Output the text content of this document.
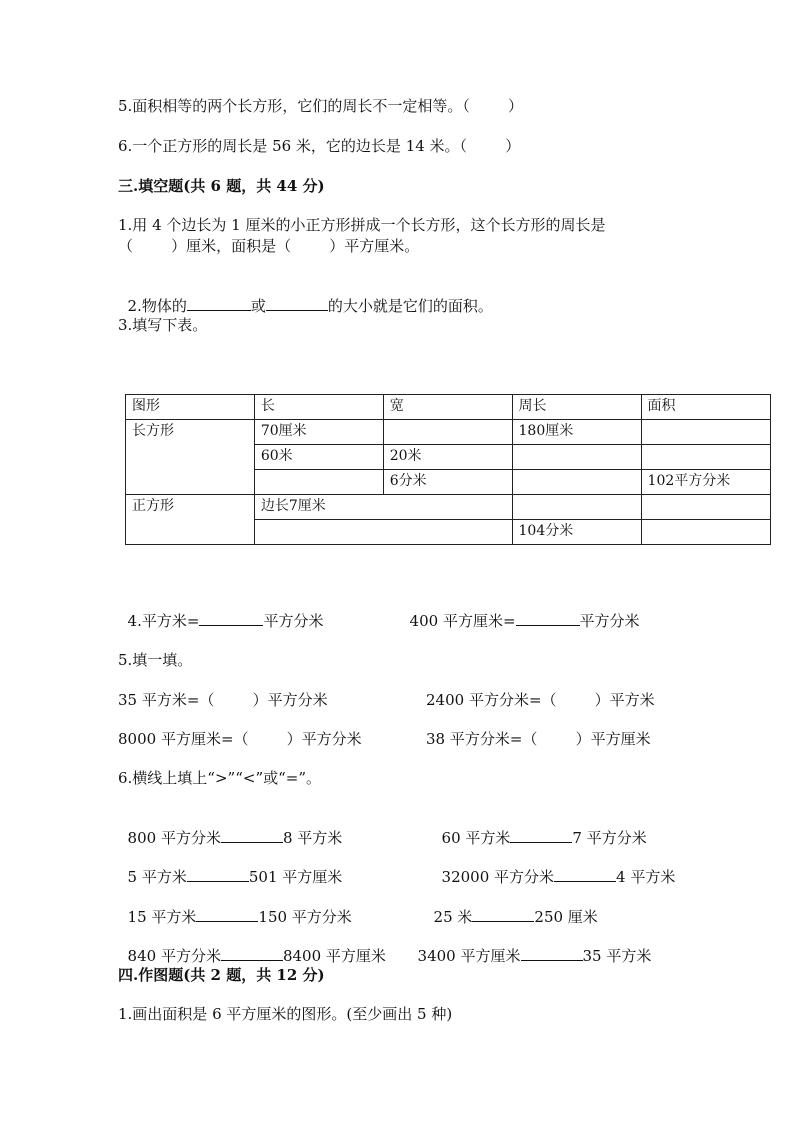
5.面积相等的两个长方形，它们的周长不一定相等。（        ）
6.一个正方形的周长是 56 米，它的边长是 14 米。（        ）
三.填空题(共 6 题，共 44 分)
1.用 4 个边长为 1 厘米的小正方形拼成一个长方形，这个长方形的周长是
（        ）厘米，面积是（        ）平方厘米。

2.物体的	或	的大小就是它们的面积。

3.填写下表。
图形	长	宽	周长	面积
长方形	70厘米		180厘米	
	60米	20米		
		6分米		102平方分米
正方形	边长7厘米			
			104分米	

4.平方米=	平方分米	400 平方厘米=	平方分米

5.填一填。
35 平方米=（        ）平方分米	2400 平方分米=（        ）平方米
8000 平方厘米=（        ）平方分米	38 平方分米=（        ）平方厘米
6.横线上填上“>”“<”或“=”。

800 平方分米	8 平方米	60 平方米	7 平方分米

5 平方米	501 平方厘米	32000 平方分米	4 平方米

15 平方米	150 平方分米	25 米	250 厘米

840 平方分米	8400 平方厘米	3400 平方厘米	35 平方米

四.作图题(共 2 题，共 12 分)
1.画出面积是 6 平方厘米的图形。(至少画出 5 种)
